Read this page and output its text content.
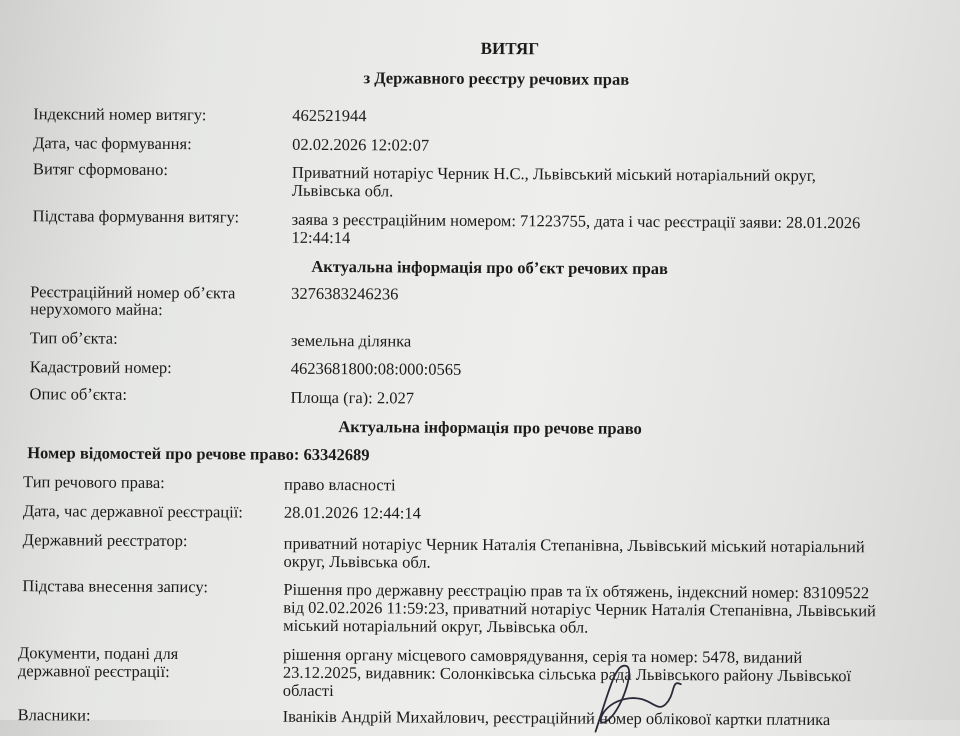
ВИТЯГ
з Державного реєстру речових прав
Індексний номер витягу:	462521944
Дата, час формування:	02.02.2026 12:02:07
Витяг сформовано:	Приватний нотаріус Черник Н.С., Львівський міський нотаріальний округ,
Львівська обл.
Підстава формування витягу:	заява з реєстраційним номером: 71223755, дата і час реєстрації заяви: 28.01.2026
12:44:14
Актуальна інформація про об’єкт речових прав
Реєстраційний номер об’єкта
нерухомого майна:
3276383246236
Тип об’єкта:	земельна ділянка
Кадастровий номер:	4623681800:08:000:0565
Опис об’єкта:	Площа (га): 2.027
Актуальна інформація про речове право
Номер відомостей про речове право: 63342689
Тип речового права:	право власності
Дата, час державної реєстрації: 28.01.2026 12:44:14
Державний реєстратор:	приватний нотаріус Черник Наталія Степанівна, Львівський міський нотаріальний
округ, Львівська обл.
Підстава внесення запису:	Рішення про державну реєстрацію прав та їх обтяжень, індексний номер: 83109522
від 02.02.2026 11:59:23, приватний нотаріус Черник Наталія Степанівна, Львівський
міський нотаріальний округ, Львівська обл.
Документи, подані для
державної реєстрації:
рішення органу місцевого самоврядування, серія та номер: 5478, виданий
23.12.2025, видавник: Солонківська сільська рада Львівського району Львівської
області
Власники:	Іваніків Андрій Михайлович, реєстраційний номер облікової картки платника
